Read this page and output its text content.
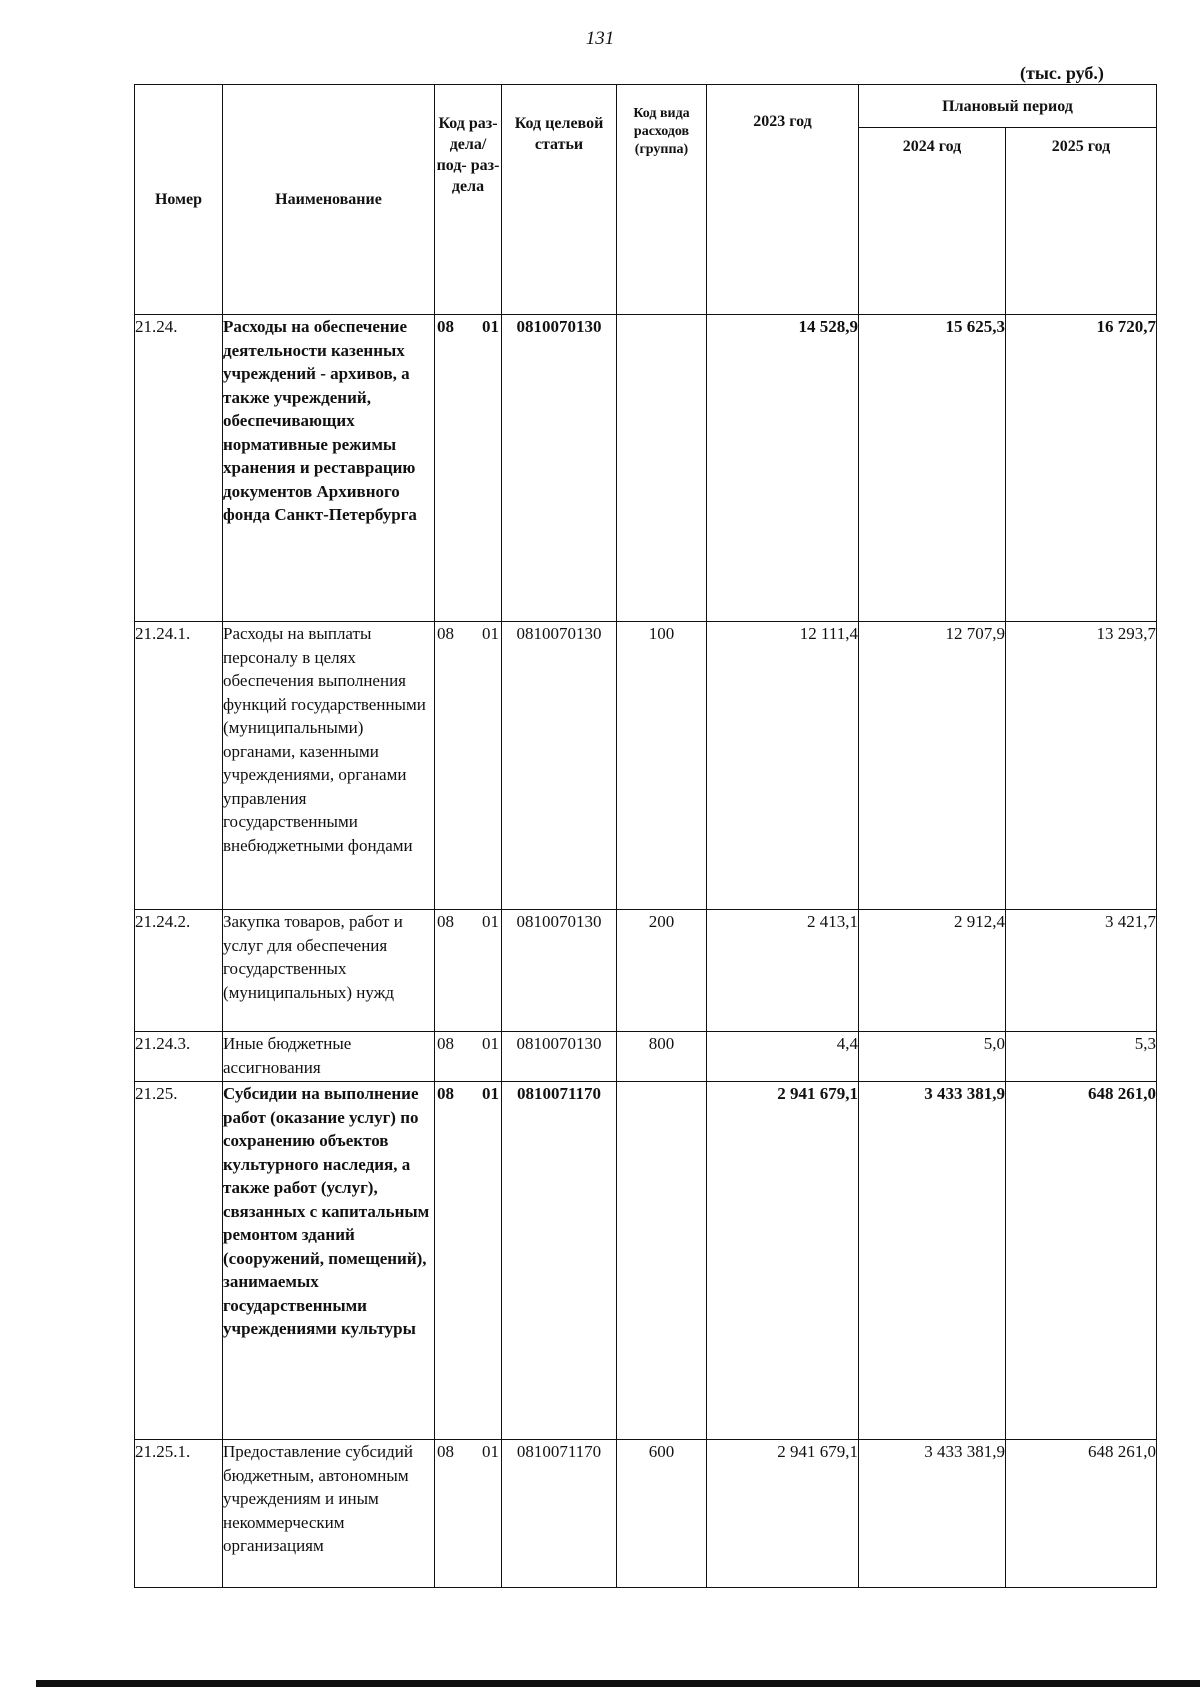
131
(тыс. руб.)
Номер	Наименование	Код раз- дела/ под- раз- дела	Код целевой статьи	Код вида расходов (группа)	2023 год	Плановый период	
						2024 год	2025 год
21.24.	Расходы на обеспечение деятельности казенных учреждений - архивов, а также учреждений, обеспечивающих нормативные режимы хранения и реставрацию документов Архивного фонда Санкт-Петербурга	08 01	0810070130		14 528,9	15 625,3	16 720,7
21.24.1.	Расходы на выплаты персоналу в целях обеспечения выполнения функций государственными (муниципальными) органами, казенными учреждениями, органами управления государственными внебюджетными фондами	08 01	0810070130	100	12 111,4	12 707,9	13 293,7
21.24.2.	Закупка товаров, работ и услуг для обеспечения государственных (муниципальных) нужд	08 01	0810070130	200	2 413,1	2 912,4	3 421,7
21.24.3.	Иные бюджетные ассигнования	08 01	0810070130	800	4,4	5,0	5,3
21.25.	Субсидии на выполнение работ (оказание услуг) по сохранению объектов культурного наследия, а также работ (услуг), связанных с капитальным ремонтом зданий (сооружений, помещений), занимаемых государственными учреждениями культуры	08 01	0810071170		2 941 679,1	3 433 381,9	648 261,0
21.25.1.	Предоставление субсидий бюджетным, автономным учреждениям и иным некоммерческим организациям	08 01	0810071170	600	2 941 679,1	3 433 381,9	648 261,0
